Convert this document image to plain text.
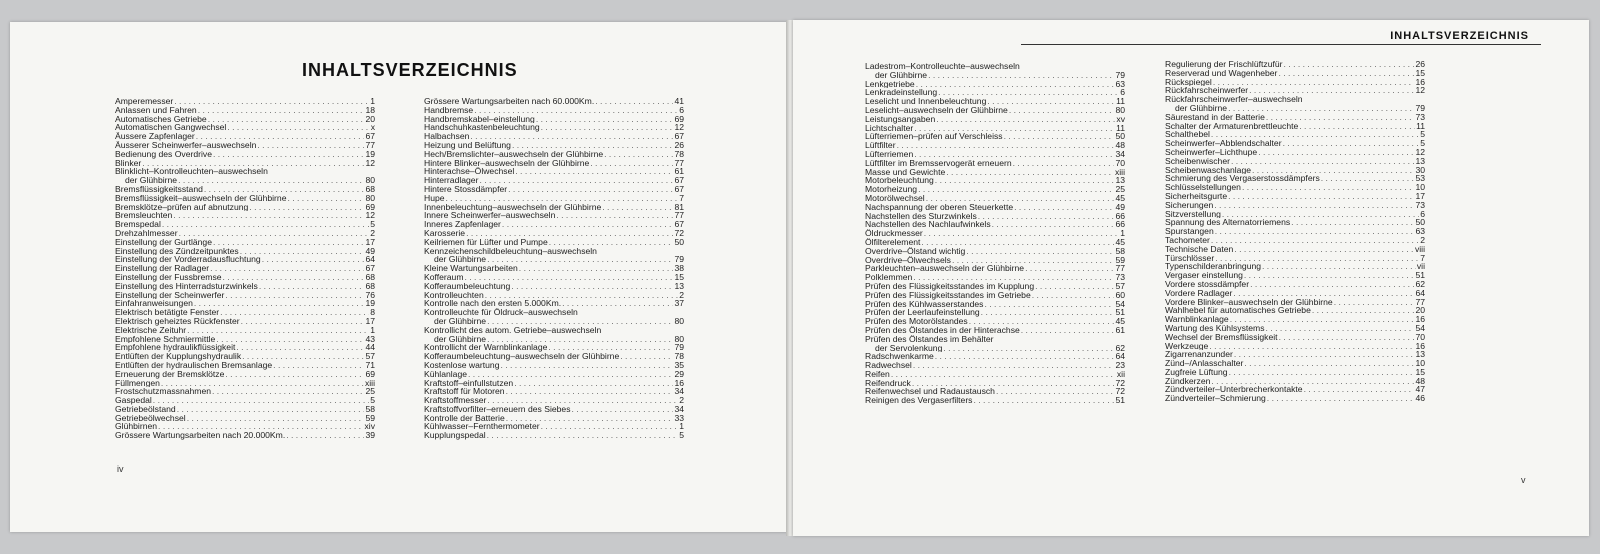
INHALTSVERZEICHNIS
Amperemesser . . .	1
Anlassen und Fahren . . .	18
Automatisches Getriebe . . .	20
Automatischen Gangwechsel . . .	x
Äussere Zapfenlager . . .	67
Äusserer Scheinwerfer–auswechseln . . .	77
Bedienung des Overdrive . . .	19
Blinker . . .	12
Blinklicht–Kontrolleuchten–auswechseln
der Glühbirne . . .	80
Bremsflüssigkeitsstand . . .	68
Bremsflüssigkeit–auswechseln der Glühbirne . . .	80
Bremsklötze–prüfen auf abnutzung . . .	69
Bremsleuchten . . .	12
Bremspedal . . .	5
Drehzahlmesser . . .	2
Einstellung der Gurtlänge . . .	17
Einstellung des Zündzeitpunktes . . .	49
Einstellung der Vorderradausfluchtung . . .	64
Einstellung der Radlager . . .	67
Einstellung der Fussbremse . . .	68
Einstellung des Hinterradsturzwinkels . . .	68
Einstellung der Scheinwerfer . . .	76
Einfahranweisungen . . .	19
Elektrisch betätigte Fenster . . .	8
Elektrisch geheiztes Rückfenster . . .	17
Elektrische Zeituhr . . .	1
Empfohlene Schmiermittle . . .	43
Empfohlene hydraulikflüssigkeit . . .	44
Entlüften der Kupplungshydraulik . . .	57
Entlüften der hydraulischen Bremsanlage . . .	71
Erneuerung der Bremsklötze . . .	69
Füllmengen . . .	xiii
Frostschutzmassnahmen . . .	25
Gaspedal . . .	5
Getriebeölstand . . .	58
Getriebeölwechsel . . .	59
Glühbirnen . . .	xiv
Grössere Wartungsarbeiten nach 20.000Km. . . .	39
Grössere Wartungsarbeiten nach 60.000Km. . . .	41
Handbremse . . .	6
Handbremskabel–einstellung . . .	69
Handschuhkastenbeleuchtung . . .	12
Halbachsen . . .	67
Heizung und Belüftung . . .	26
Hech/Bremslichter–auswechseln der Glühbirne . . .	78
Hintere Blinker–auswechseln der Glühbirne . . .	77
Hinterachse–Ölwechsel . . .	61
Hinterradlager . . .	67
Hintere Stossdämpfer . . .	67
Hupe . . .	7
Innenbeleuchtung–auswechseln der Glühbirne . . .	81
Innere Scheinwerfer–auswechseln . . .	77
Inneres Zapfenlager . . .	67
Karosserie . . .	72
Keilriemen für Lüfter und Pumpe . . .	50
Kennzeichenschildbeleuchtung–auswechseln
der Glühbirne . . .	79
Kleine Wartungsarbeiten . . .	38
Kofferaum . . .	15
Kofferaumbeleuchtung . . .	13
Kontrolleuchten . . .	2
Kontrolle nach den ersten 5.000Km. . . .	37
Kontrolleuchte für Öldruck–auswechseln
der Glühbirne . . .	80
Kontrollicht des autom. Getriebe–auswechseln
der Glühbirne . . .	80
Kontrollicht der Warnblinkanlage . . .	79
Kofferaumbeleuchtung–auswechseln der Glühbirne . . .	78
Kostenlose wartung . . .	35
Kühlanlage . . .	29
Kraftstoff–einfullstutzen . . .	16
Kraftstoff für Motoren . . .	34
Kraftstoffmesser . . .	2
Kraftstoffvorfilter–erneuern des Siebes . . .	34
Kontrolle der Batterie . . .	33
Kühlwasser–Fernthermometer . . .	1
Kupplungspedal . . .	5
iv
INHALTSVERZEICHNIS
Ladestrom–Kontrolleuchte–auswechseln
der Glühbirne . . .	79
Lenkgetriebe . . .	63
Lenkradeinstellung . . .	6
Leselicht und Innenbeleuchtung . . .	11
Leselicht–auswechseln der Glühbirne . . .	80
Leistungsangaben . . .	xv
Lichtschalter . . .	11
Lüfterriemen–prüfen auf Verschleiss . . .	50
Lüftfilter . . .	48
Lüfterriemen . . .	34
Lüftfilter im Bremsservogerät erneuern . . .	70
Masse und Gewichte . . .	xiii
Motorbeleuchtung . . .	13
Motorheizung . . .	25
Motorölwechsel . . .	45
Nachspannung der oberen Steuerkette . . .	49
Nachstellen des Sturzwinkels . . .	66
Nachstellen des Nachlaufwinkels . . .	66
Öldruckmesser . . .	1
Ölfilterelement . . .	45
Overdrive–Ölstand wichtig . . .	58
Overdrive–Ölwechsels . . .	59
Parkleuchten–auswechseln der Glühbirne . . .	77
Polklemmen . . .	73
Prüfen des Flüssigkeitsstandes im Kupplung . . .	57
Prüfen des Flüssigkeitsstandes im Getriebe . . .	60
Prüfen des Kühlwasserstandes . . .	54
Prüfen der Leerlaufeinstellung . . .	51
Prüfen des Motorölstandes . . .	45
Prüfen des Ölstandes in der Hinterachse . . .	61
Prüfen des Ölstandes im Behälter
der Servolenkung . . .	62
Radschwenkarme . . .	64
Radwechsel . . .	23
Reifen . . .	xii
Reifendruck . . .	72
Reifenwechsel und Radaustausch . . .	72
Reinigen des Vergaserfilters . . .	51
Regulierung der Frischlüftzufür . . .	26
Reserverad und Wagenheber . . .	15
Rückspiegel . . .	16
Rückfahrscheinwerfer . . .	12
Rückfahrscheinwerfer–auswechseln
der Glühbirne . . .	79
Säurestand in der Batterie . . .	73
Schalter der Armaturenbrettleuchte . . .	11
Schalthebel . . .	5
Scheinwerfer–Abblendschalter . . .	5
Scheinwerfer–Lichthupe . . .	12
Scheibenwischer . . .	13
Scheibenwaschanlage . . .	30
Schmierung des Vergaserstossdämpfers . . .	53
Schlüsselstellungen . . .	10
Sicherheitsgurte . . .	17
Sicherungen . . .	73
Sitzverstellung . . .	6
Spannung des Alternatorriemens . . .	50
Spurstangen . . .	63
Tachometer . . .	2
Technische Daten . . .	viii
Türschlösser . . .	7
Typenschilderanbringung . . .	vii
Vergaser einstellung . . .	51
Vordere stossdämpfer . . .	62
Vordere Radlager . . .	64
Vordere Blinker–auswechseln der Glühbirne . . .	77
Wahlhebel für automatisches Getriebe . . .	20
Warnblinkanlage . . .	16
Wartung des Kühlsystems . . .	54
Wechsel der Bremsflüssigkeit . . .	70
Werkzeuge . . .	16
Zigarrenanzunder . . .	13
Zünd–/Anlasschalter . . .	10
Zugfreie Lüftung . . .	15
Zündkerzen . . .	48
Zündverteiler–Unterbrecherkontakte . . .	47
Zündverteiler–Schmierung . . .	46
v
